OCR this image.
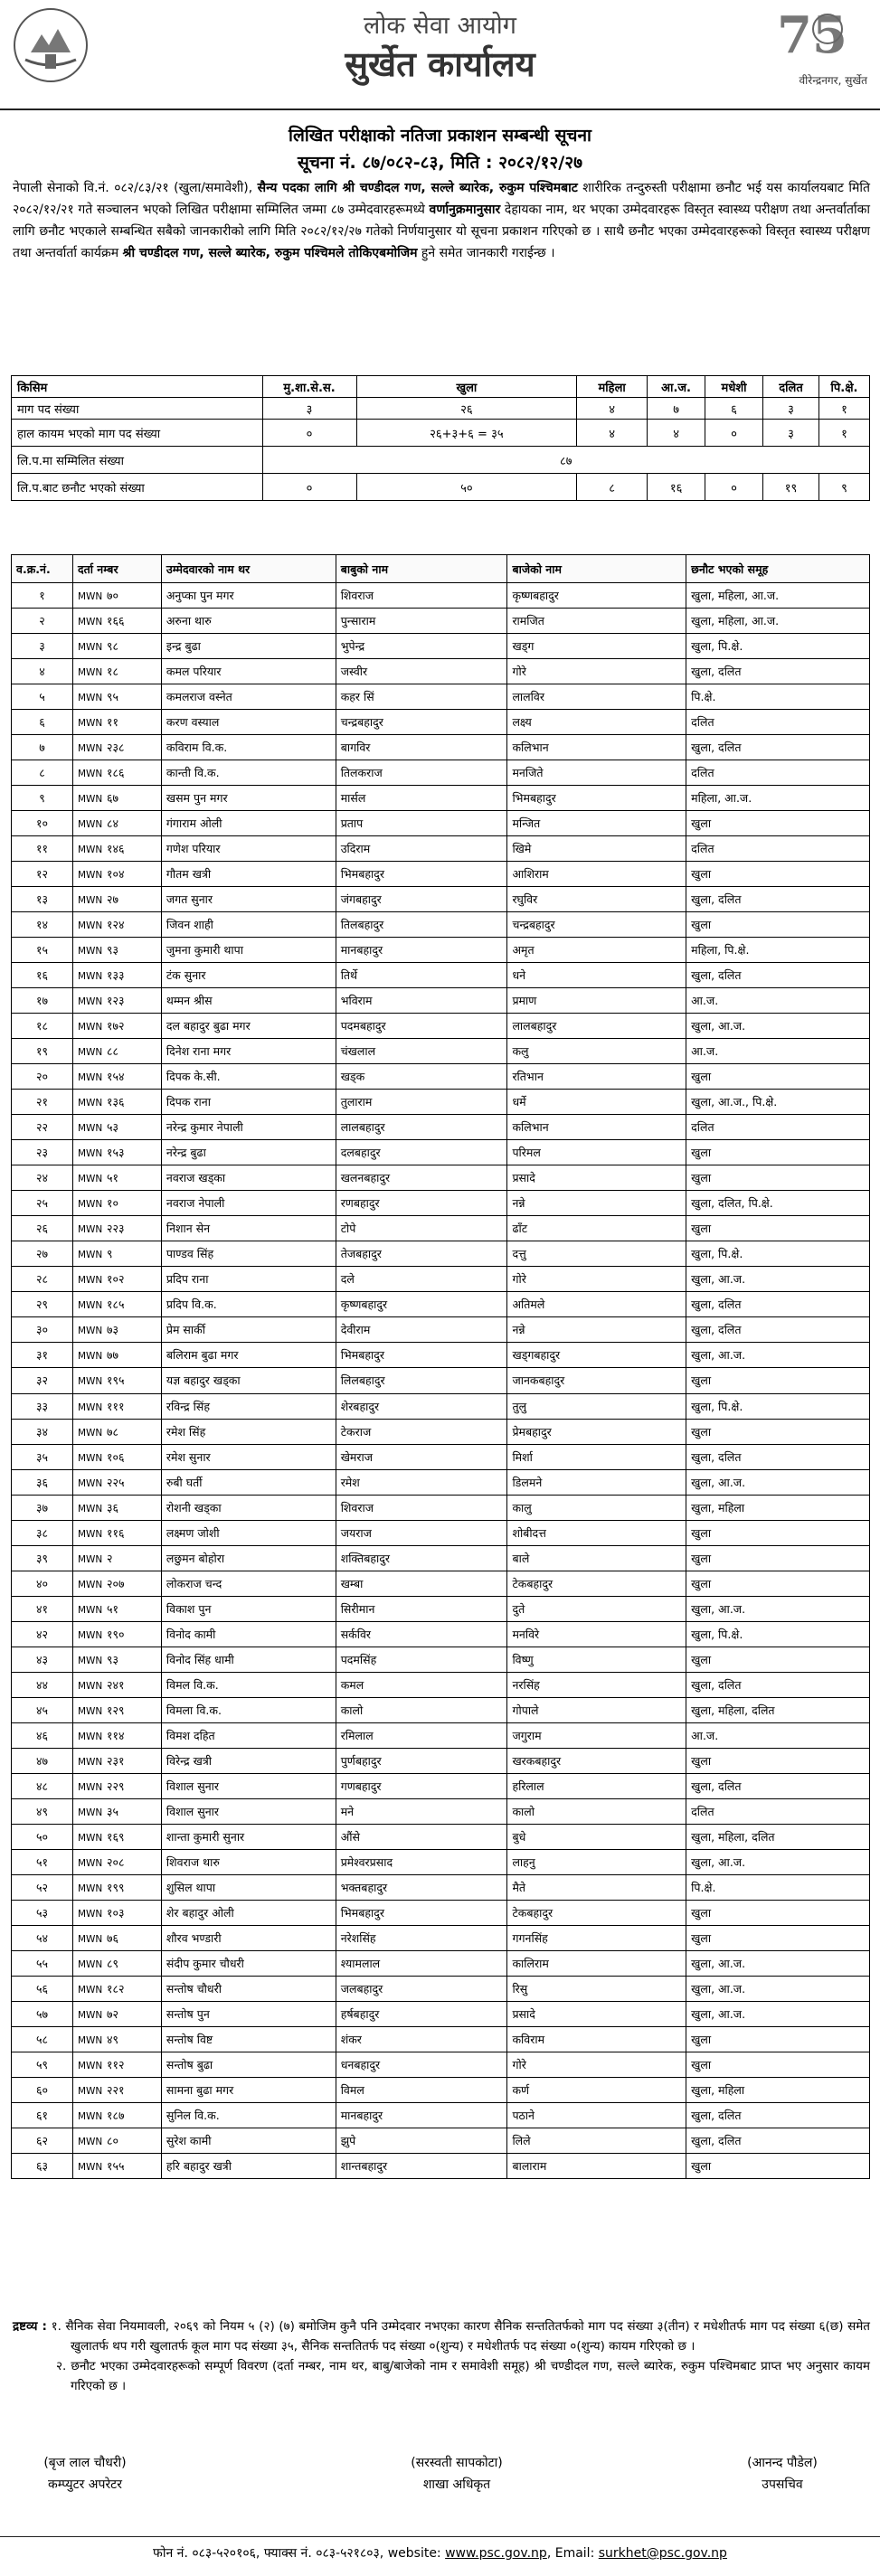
लोक सेवा आयोग
सुर्खेत कार्यालय	75
वीरेन्द्रनगर, सुर्खेत
लिखित परीक्षाको नतिजा प्रकाशन सम्बन्धी सूचना
सूचना नं. ८७/०८२-८३, मिति : २०८२/१२/२७
नेपाली सेनाको वि.नं. ०८२/८३/२१ (खुला/समावेशी), सैन्य पदका लागि श्री चण्डीदल गण, सल्ले ब्यारेक, रुकुम पश्चिमबाट शारीरिक तन्दुरुस्ती परीक्षामा छनौट भई यस कार्यालयबाट मिति २०८२/१२/२१ गते सञ्चालन भएको लिखित परीक्षामा सम्मिलित जम्मा ८७ उम्मेदवारहरूमध्ये वर्णानुक्रमानुसार देहायका नाम, थर भएका उम्मेदवारहरू विस्तृत स्वास्थ्य परीक्षण तथा अन्तर्वार्ताका लागि छनौट भएकाले सम्बन्धित सबैको जानकारीको लागि मिति २०८२/१२/२७ गतेको निर्णयानुसार यो सूचना प्रकाशन गरिएको छ । साथै छनौट भएका उम्मेदवारहरूको विस्तृत स्वास्थ्य परीक्षण तथा अन्तर्वार्ता कार्यक्रम श्री चण्डीदल गण, सल्ले ब्यारेक, रुकुम पश्चिमले तोकिएबमोजिम हुने समेत जानकारी गराईन्छ ।
किसिम	मु.शा.से.स.	खुला	महिला	आ.ज.	मधेशी	दलित	पि.क्षे.
माग पद संख्या	३	२६	४	७	६	३	१
हाल कायम भएको माग पद संख्या	०	२६+३+६ = ३५	४	४	०	३	१
लि.प.मा सम्मिलित संख्या	८७						
लि.प.बाट छनौट भएको संख्या	०	५०	८	१६	०	१९	९
व.क्र.नं.	दर्ता नम्बर	उम्मेदवारको नाम थर	बाबुको नाम	बाजेको नाम	छनौट भएको समूह
१	MWN ७०	अनुप्का पुन मगर	शिवराज	कृष्णबहादुर	खुला, महिला, आ.ज.
२	MWN १६६	अरुना थारु	पुन्साराम	रामजित	खुला, महिला, आ.ज.
३	MWN ९८	इन्द्र बुढा	भुपेन्द्र	खड्ग	खुला, पि.क्षे.
४	MWN १८	कमल परियार	जस्वीर	गोरे	खुला, दलित
५	MWN ९५	कमलराज वस्नेत	कहर सिं	लालविर	पि.क्षे.
६	MWN ११	करण वस्याल	चन्द्रबहादुर	लक्ष्य	दलित
७	MWN २३८	कविराम वि.क.	बागविर	कलिभान	खुला, दलित
८	MWN १८६	कान्ती वि.क.	तिलकराज	मनजिते	दलित
९	MWN ६७	खसम पुन मगर	मार्सल	भिमबहादुर	महिला, आ.ज.
१०	MWN ८४	गंगाराम ओली	प्रताप	मन्जित	खुला
११	MWN १४६	गणेश परियार	उदिराम	खिमे	दलित
१२	MWN १०४	गौतम खत्री	भिमबहादुर	आशिराम	खुला
१३	MWN २७	जगत सुनार	जंगबहादुर	रघुविर	खुला, दलित
१४	MWN १२४	जिवन शाही	तिलबहादुर	चन्द्रबहादुर	खुला
१५	MWN ९३	जुमना कुमारी थापा	मानबहादुर	अमृत	महिला, पि.क्षे.
१६	MWN १३३	टंक सुनार	तिर्थे	धने	खुला, दलित
१७	MWN १२३	थम्मन श्रीस	भविराम	प्रमाण	आ.ज.
१८	MWN १७२	दल बहादुर बुढा मगर	पदमबहादुर	लालबहादुर	खुला, आ.ज.
१९	MWN ८८	दिनेश राना मगर	चंखलाल	कलु	आ.ज.
२०	MWN १५४	दिपक के.सी.	खड्क	रतिभान	खुला
२१	MWN १३६	दिपक राना	तुलाराम	धर्मे	खुला, आ.ज., पि.क्षे.
२२	MWN ५३	नरेन्द्र कुमार नेपाली	लालबहादुर	कलिभान	दलित
२३	MWN १५३	नरेन्द्र बुढा	दलबहादुर	परिमल	खुला
२४	MWN ५१	नवराज खड्का	खलनबहादुर	प्रसादे	खुला
२५	MWN १०	नवराज नेपाली	रणबहादुर	नन्ने	खुला, दलित, पि.क्षे.
२६	MWN २२३	निशान सेन	टोपे	ढाँट	खुला
२७	MWN ९	पाण्डव सिंह	तेजबहादुर	दत्तु	खुला, पि.क्षे.
२८	MWN १०२	प्रदिप राना	दले	गोरे	खुला, आ.ज.
२९	MWN १८५	प्रदिप वि.क.	कृष्णबहादुर	अतिमले	खुला, दलित
३०	MWN ७३	प्रेम सार्की	देवीराम	नन्ने	खुला, दलित
३१	MWN ७७	बलिराम बुढा मगर	भिमबहादुर	खड्गबहादुर	खुला, आ.ज.
३२	MWN १९५	यज्ञ बहादुर खड्का	लिलबहादुर	जानकबहादुर	खुला
३३	MWN १११	रविन्द्र सिंह	शेरबहादुर	तुलु	खुला, पि.क्षे.
३४	MWN ७८	रमेश सिंह	टेकराज	प्रेमबहादुर	खुला
३५	MWN १०६	रमेश सुनार	खेमराज	मिर्शा	खुला, दलित
३६	MWN २२५	रुबी घर्ती	रमेश	डिलमने	खुला, आ.ज.
३७	MWN ३६	रोशनी खड्का	शिवराज	कालु	खुला, महिला
३८	MWN ११६	लक्ष्मण जोशी	जयराज	शोबीदत्त	खुला
३९	MWN २	लछुमन बोहोरा	शक्तिबहादुर	बाले	खुला
४०	MWN २०७	लोकराज चन्द	खम्बा	टेकबहादुर	खुला
४१	MWN ५१	विकाश पुन	सिरीमान	दुते	खुला, आ.ज.
४२	MWN १९०	विनोद कामी	सर्कविर	मनविरे	खुला, पि.क्षे.
४३	MWN ९३	विनोद सिंह धामी	पदमसिंह	विष्णु	खुला
४४	MWN २४१	विमल वि.क.	कमल	नरसिंह	खुला, दलित
४५	MWN १२९	विमला वि.क.	कालो	गोपाले	खुला, महिला, दलित
४६	MWN ११४	विमश दहित	रमिलाल	जगुराम	आ.ज.
४७	MWN २३१	विरेन्द्र खत्री	पुर्णबहादुर	खरकबहादुर	खुला
४८	MWN २२९	विशाल सुनार	गणबहादुर	हरिलाल	खुला, दलित
४९	MWN ३५	विशाल सुनार	मने	कालो	दलित
५०	MWN १६९	शान्ता कुमारी सुनार	औंसे	बुधे	खुला, महिला, दलित
५१	MWN २०८	शिवराज थारु	प्रमेश्वरप्रसाद	लाहनु	खुला, आ.ज.
५२	MWN १९९	शुसिल थापा	भक्तबहादुर	मैते	पि.क्षे.
५३	MWN १०३	शेर बहादुर ओली	भिमबहादुर	टेकबहादुर	खुला
५४	MWN ७६	शौरव भण्डारी	नरेशसिंह	गगनसिंह	खुला
५५	MWN ८९	संदीप कुमार चौधरी	श्यामलाल	कालिराम	खुला, आ.ज.
५६	MWN १८२	सन्तोष चौधरी	जलबहादुर	रिसु	खुला, आ.ज.
५७	MWN ७२	सन्तोष पुन	हर्षबहादुर	प्रसादे	खुला, आ.ज.
५८	MWN ४९	सन्तोष विष्ट	शंकर	कविराम	खुला
५९	MWN ११२	सन्तोष बुढा	धनबहादुर	गोरे	खुला
६०	MWN २२१	सामना बुढा मगर	विमल	कर्ण	खुला, महिला
६१	MWN १८७	सुनिल वि.क.	मानबहादुर	पठाने	खुला, दलित
६२	MWN ८०	सुरेश कामी	झुपे	लिले	खुला, दलित
६३	MWN १५५	हरि बहादुर खत्री	शान्तबहादुर	बालाराम	खुला
द्रष्टव्य : १. सैनिक सेवा नियमावली, २०६९ को नियम ५ (२) (७) बमोजिम कुनै पनि उम्मेदवार नभएका कारण सैनिक सन्ततितर्फको माग पद संख्या ३(तीन) र मधेशीतर्फ माग पद संख्या ६(छ) समेत खुलातर्फ थप गरी खुलातर्फ कूल माग पद संख्या ३५, सैनिक सन्ततितर्फ पद संख्या ०(शुन्य) र मधेशीतर्फ पद संख्या ०(शुन्य) कायम गरिएको छ ।
२. छनौट भएका उम्मेदवारहरूको सम्पूर्ण विवरण (दर्ता नम्बर, नाम थर, बाबु/बाजेको नाम र समावेशी समूह) श्री चण्डीदल गण, सल्ले ब्यारेक, रुकुम पश्चिमबाट प्राप्त भए अनुसार कायम गरिएको छ ।
(बृज लाल चौधरी)
कम्प्युटर अपरेटर
(सरस्वती सापकोटा)
शाखा अधिकृत
(आनन्द पौडेल)
उपसचिव
फोन नं. ०८३-५२०१०६, फ्याक्स नं. ०८३-५२१८०३, website: www.psc.gov.np, Email: surkhet@psc.gov.np
